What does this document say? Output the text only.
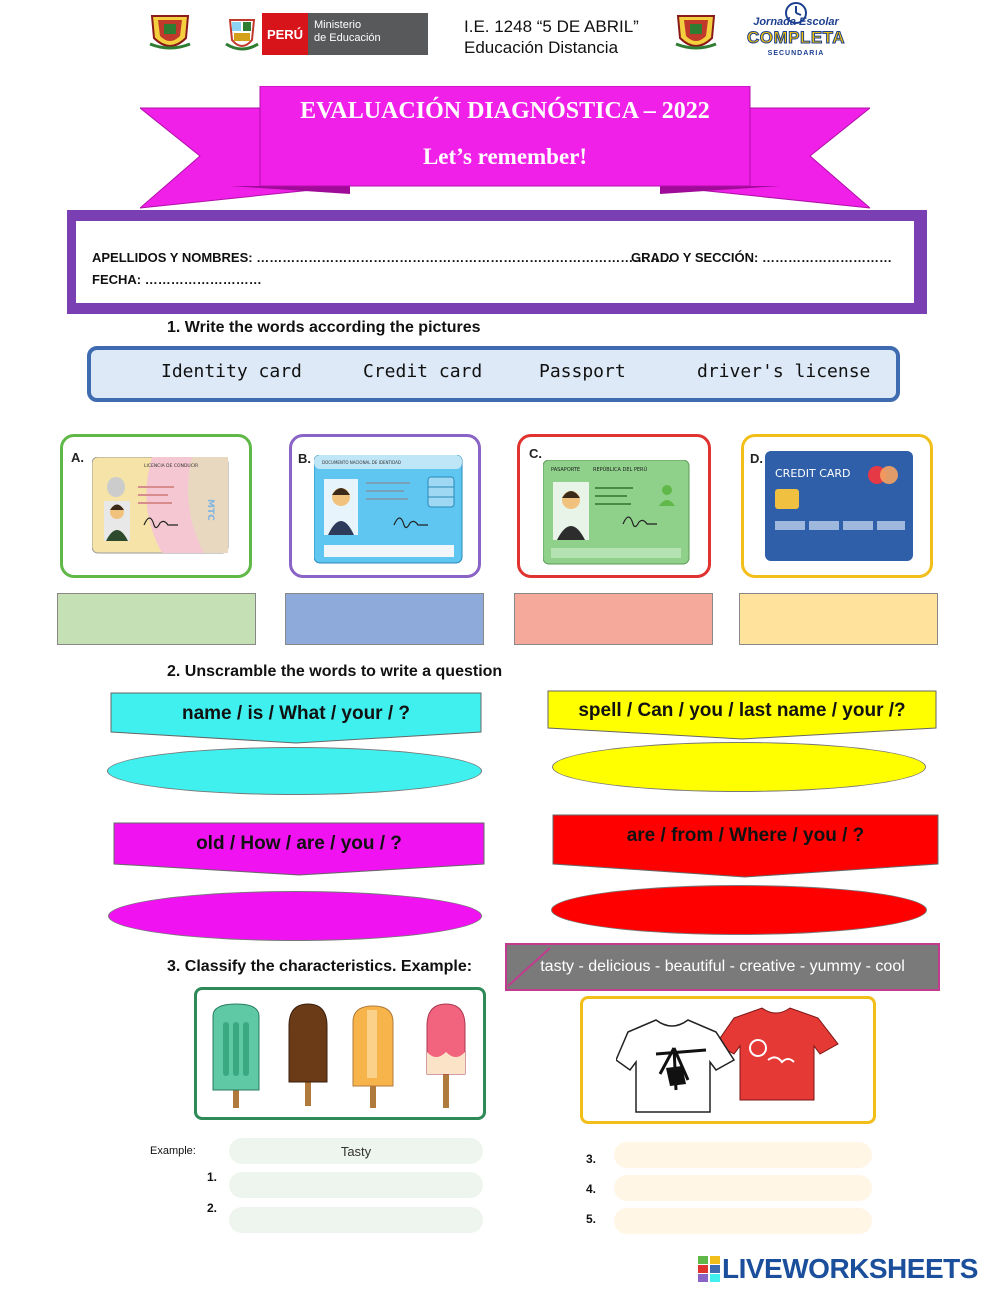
PERÚ
Ministerio
de Educación
I.E. 1248 “5 DE ABRIL”
Educación Distancia
Jornada Escolar
COMPLETA
SECUNDARIA
EVALUACIÓN DIAGNÓSTICA – 2022
Let’s remember!
APELLIDOS Y NOMBRES: ……………………………………………………………………………………
GRADO Y SECCIÓN: …………………………
FECHA: ………………………
1. Write the words according the pictures
Identity card	Credit card	Passport	driver's license
A.
LICENCIA DE CONDUCIR
MTC
B.	DOCUMENTO NACIONAL DE IDENTIDAD
C.
PASAPORTE	REPÚBLICA DEL PERÚ
D.
CREDIT CARD
2. Unscramble the words to write a question
name / is / What / your / ?	spell / Can / you / last name / your /?
old / How / are / you / ?	are / from / Where / you / ?
3. Classify the characteristics. Example:	tasty - delicious - beautiful - creative - yummy - cool
Example:	Tasty
1.
2.
3.
4.
5.
LIVEWORKSHEETS
